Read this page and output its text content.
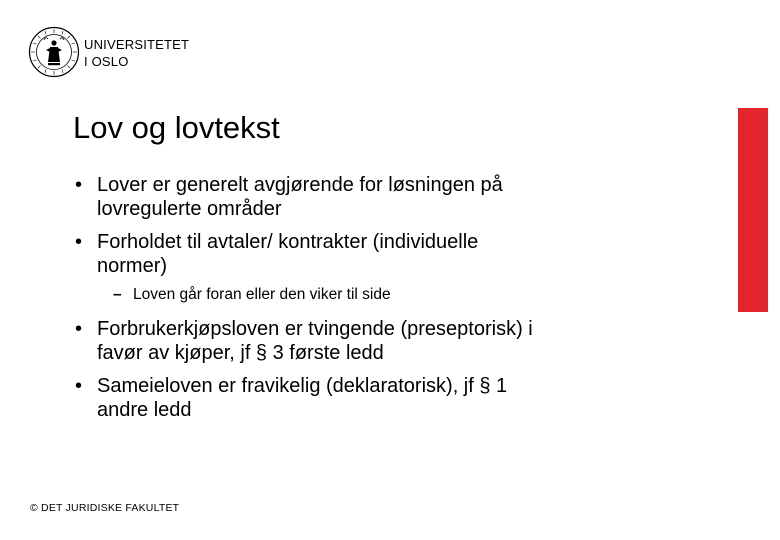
UNIVERSITETET
I OSLO
Lov og lovtekst
• Lover er generelt avgjørende for løsningen på
lovregulerte områder
• Forholdet til avtaler/ kontrakter (individuelle
normer)
– Loven går foran eller den viker til side
• Forbrukerkjøpsloven er tvingende (preseptorisk) i
favør av kjøper, jf § 3 første ledd
• Sameieloven er fravikelig (deklaratorisk), jf § 1
andre ledd
© DET JURIDISKE FAKULTET
